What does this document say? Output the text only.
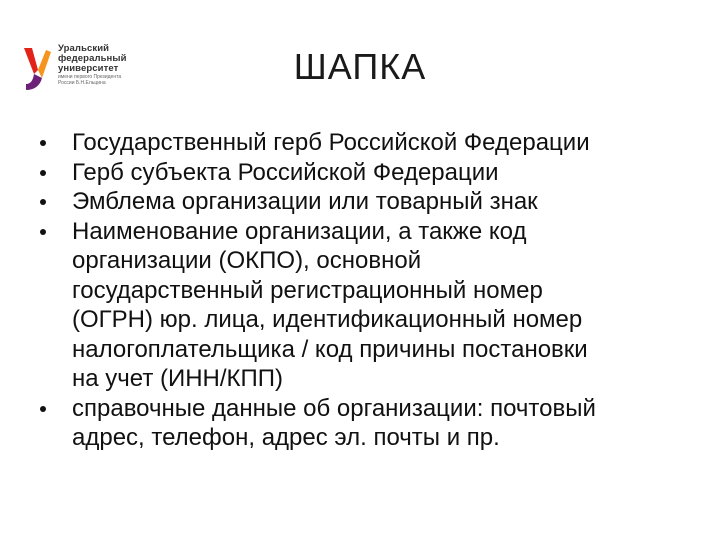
Уральский
федеральный
университет
имени первого Президента
России Б.Н.Ельцина	ШАПКА
Государственный герб Российской Федерации
Герб субъекта Российской Федерации
Эмблема организации или товарный знак
Наименование организации, а также код
организации (ОКПО), основной
государственный регистрационный номер
(ОГРН) юр. лица, идентификационный номер
налогоплательщика / код причины постановки
на учет (ИНН/КПП)
справочные данные об организации: почтовый
адрес, телефон, адрес эл. почты и пр.
